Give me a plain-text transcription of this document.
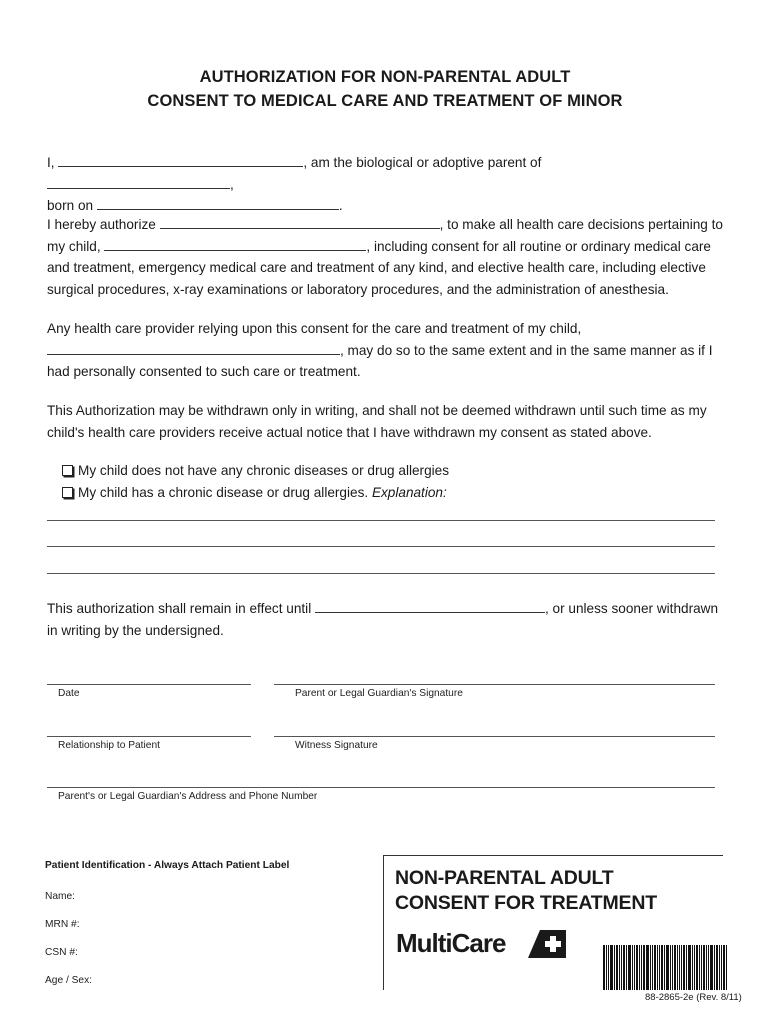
AUTHORIZATION FOR NON-PARENTAL ADULT
CONSENT TO MEDICAL CARE AND TREATMENT OF MINOR
I,	, am the biological or adoptive parent of ,
born on	.
I hereby authorize	, to make all health care decisions pertaining to
my child,	, including consent for all routine or ordinary medical care
and treatment, emergency medical care and treatment of any kind, and elective health care, including elective
surgical procedures, x-ray examinations or laboratory procedures, and the administration of anesthesia.
Any health care provider relying upon this consent for the care and treatment of my child,
, may do so to the same extent and in the same manner as if I
had personally consented to such care or treatment.
This Authorization may be withdrawn only in writing, and shall not be deemed withdrawn until such time as my
child's health care providers receive actual notice that I have withdrawn my consent as stated above.
My child does not have any chronic diseases or drug allergies
My child has a chronic disease or drug allergies. Explanation:
This authorization shall remain in effect until	, or unless sooner withdrawn
in writing by the undersigned.
Date	Parent or Legal Guardian's Signature
Relationship to Patient	Witness Signature
Parent's or Legal Guardian's Address and Phone Number
Patient Identification - Always Attach Patient Label
Name:
MRN #:
CSN #:
Age / Sex:
NON-PARENTAL ADULT
CONSENT FOR TREATMENT
MultiCare
88-2865-2e (Rev. 8/11)
